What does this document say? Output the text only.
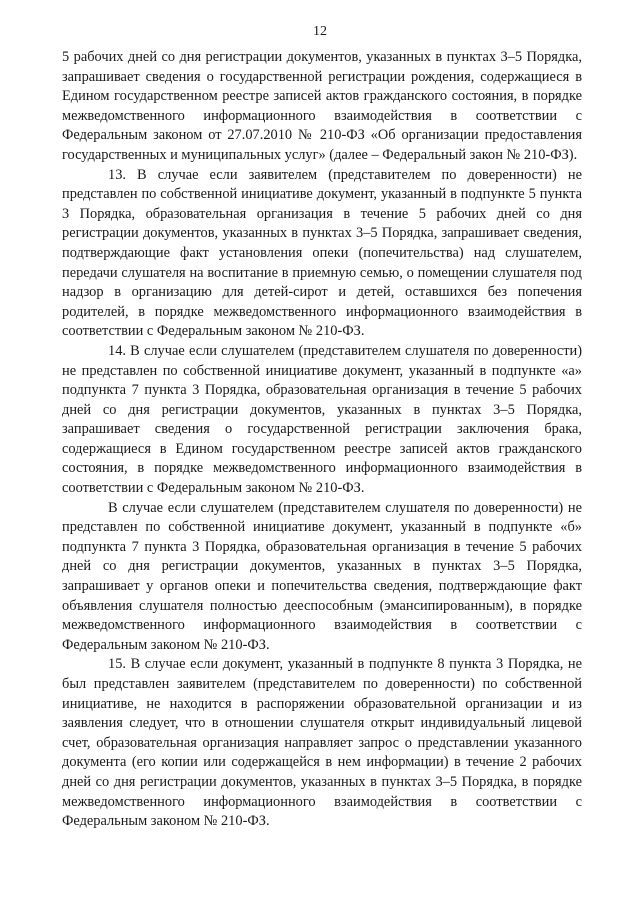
12

5 рабочих дней со дня регистрации документов, указанных в пунктах 3–5 Порядка, запрашивает сведения о государственной регистрации рождения, содержащиеся в Едином государственном реестре записей актов гражданского состояния, в порядке межведомственного информационного взаимодействия в соответствии с Федеральным законом от 27.07.2010 № 210-ФЗ «Об организации предоставления государственных и муниципальных услуг» (далее – Федеральный закон № 210-ФЗ).

13. В случае если заявителем (представителем по доверенности) не представлен по собственной инициативе документ, указанный в подпункте 5 пункта 3 Порядка, образовательная организация в течение 5 рабочих дней со дня регистрации документов, указанных в пунктах 3–5 Порядка, запрашивает сведения, подтверждающие факт установления опеки (попечительства) над слушателем, передачи слушателя на воспитание в приемную семью, о помещении слушателя под надзор в организацию для детей-сирот и детей, оставшихся без попечения родителей, в порядке межведомственного информационного взаимодействия в соответствии с Федеральным законом № 210-ФЗ.

14. В случае если слушателем (представителем слушателя по доверенности) не представлен по собственной инициативе документ, указанный в подпункте «а» подпункта 7 пункта 3 Порядка, образовательная организация в течение 5 рабочих дней со дня регистрации документов, указанных в пунктах 3–5 Порядка, запрашивает сведения о государственной регистрации заключения брака, содержащиеся в Едином государственном реестре записей актов гражданского состояния, в порядке межведомственного информационного взаимодействия в соответствии с Федеральным законом № 210-ФЗ.

В случае если слушателем (представителем слушателя по доверенности) не представлен по собственной инициативе документ, указанный в подпункте «б» подпункта 7 пункта 3 Порядка, образовательная организация в течение 5 рабочих дней со дня регистрации документов, указанных в пунктах 3–5 Порядка, запрашивает у органов опеки и попечительства сведения, подтверждающие факт объявления слушателя полностью дееспособным (эмансипированным), в порядке межведомственного информационного взаимодействия в соответствии с Федеральным законом № 210-ФЗ.

15. В случае если документ, указанный в подпункте 8 пункта 3 Порядка, не был представлен заявителем (представителем по доверенности) по собственной инициативе, не находится в распоряжении образовательной организации и из заявления следует, что в отношении слушателя открыт индивидуальный лицевой счет, образовательная организация направляет запрос о представлении указанного документа (его копии или содержащейся в нем информации) в течение 2 рабочих дней со дня регистрации документов, указанных в пунктах 3–5 Порядка, в порядке межведомственного информационного взаимодействия в соответствии с Федеральным законом № 210-ФЗ.
